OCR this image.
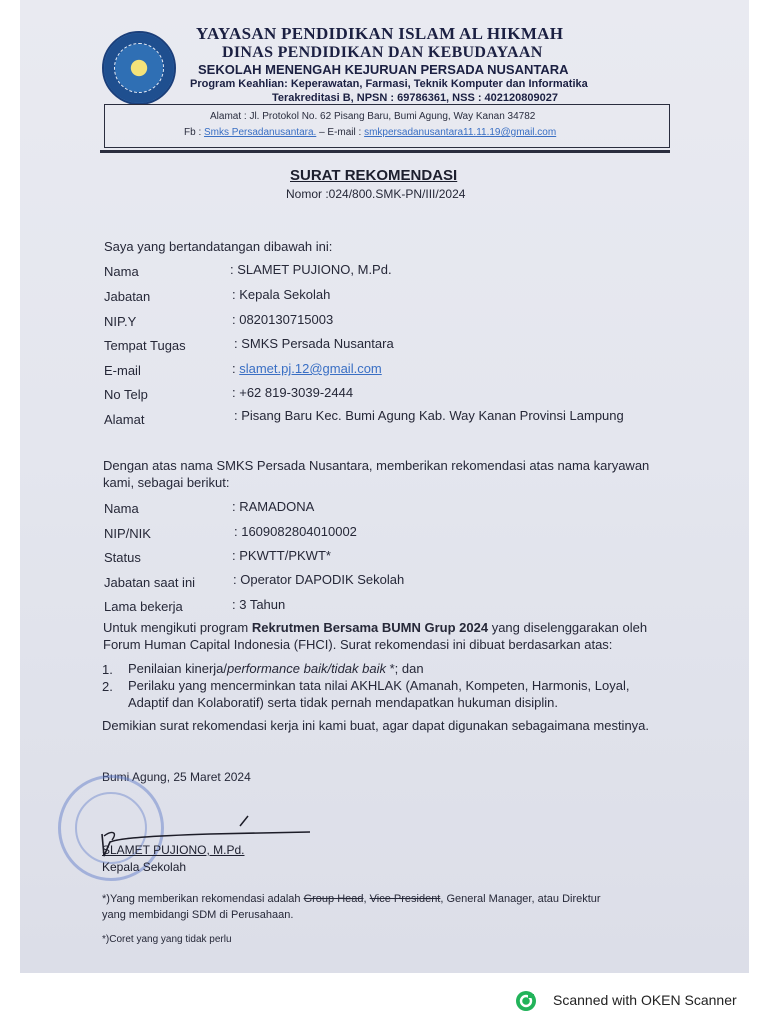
YAYASAN PENDIDIKAN ISLAM AL HIKMAH
DINAS PENDIDIKAN DAN KEBUDAYAAN
SEKOLAH MENENGAH KEJURUAN PERSADA NUSANTARA
Program Keahlian: Keperawatan, Farmasi, Teknik Komputer dan Informatika
Terakreditasi B, NPSN : 69786361, NSS : 402120809027
Alamat : Jl. Protokol No. 62 Pisang Baru, Bumi Agung, Way Kanan 34782
Fb : Smks Persadanusantara. – E-mail : smkpersadanusantara11.11.19@gmail.com
SURAT REKOMENDASI
Nomor :024/800.SMK-PN/III/2024
Saya yang bertandatangan dibawah ini:
Nama	: SLAMET PUJIONO, M.Pd.
Jabatan	: Kepala Sekolah
NIP.Y	: 0820130715003
Tempat Tugas	: SMKS Persada Nusantara
E-mail	: slamet.pj.12@gmail.com
No Telp	: +62 819-3039-2444
Alamat	: Pisang Baru Kec. Bumi Agung Kab. Way Kanan Provinsi Lampung
Dengan atas nama SMKS Persada Nusantara, memberikan rekomendasi atas nama karyawan
kami, sebagai berikut:
Nama	: RAMADONA
NIP/NIK	: 1609082804010002
Status	: PKWTT/PKWT*
Jabatan saat ini	: Operator DAPODIK Sekolah
Lama bekerja	: 3 Tahun
Untuk mengikuti program Rekrutmen Bersama BUMN Grup 2024 yang diselenggarakan oleh
Forum Human Capital Indonesia (FHCI). Surat rekomendasi ini dibuat berdasarkan atas:
1. Penilaian kinerja/performance baik/tidak baik *; dan
2. Perilaku yang mencerminkan tata nilai AKHLAK (Amanah, Kompeten, Harmonis, Loyal,
Adaptif dan Kolaboratif) serta tidak pernah mendapatkan hukuman disiplin.
Demikian surat rekomendasi kerja ini kami buat, agar dapat digunakan sebagaimana mestinya.
Bumi Agung, 25 Maret 2024
SLAMET PUJIONO, M.Pd.
Kepala Sekolah
*)Yang memberikan rekomendasi adalah Group Head, Vice President, General Manager, atau Direktur
yang membidangi SDM di Perusahaan.
*)Coret yang yang tidak perlu
Scanned with OKEN Scanner
